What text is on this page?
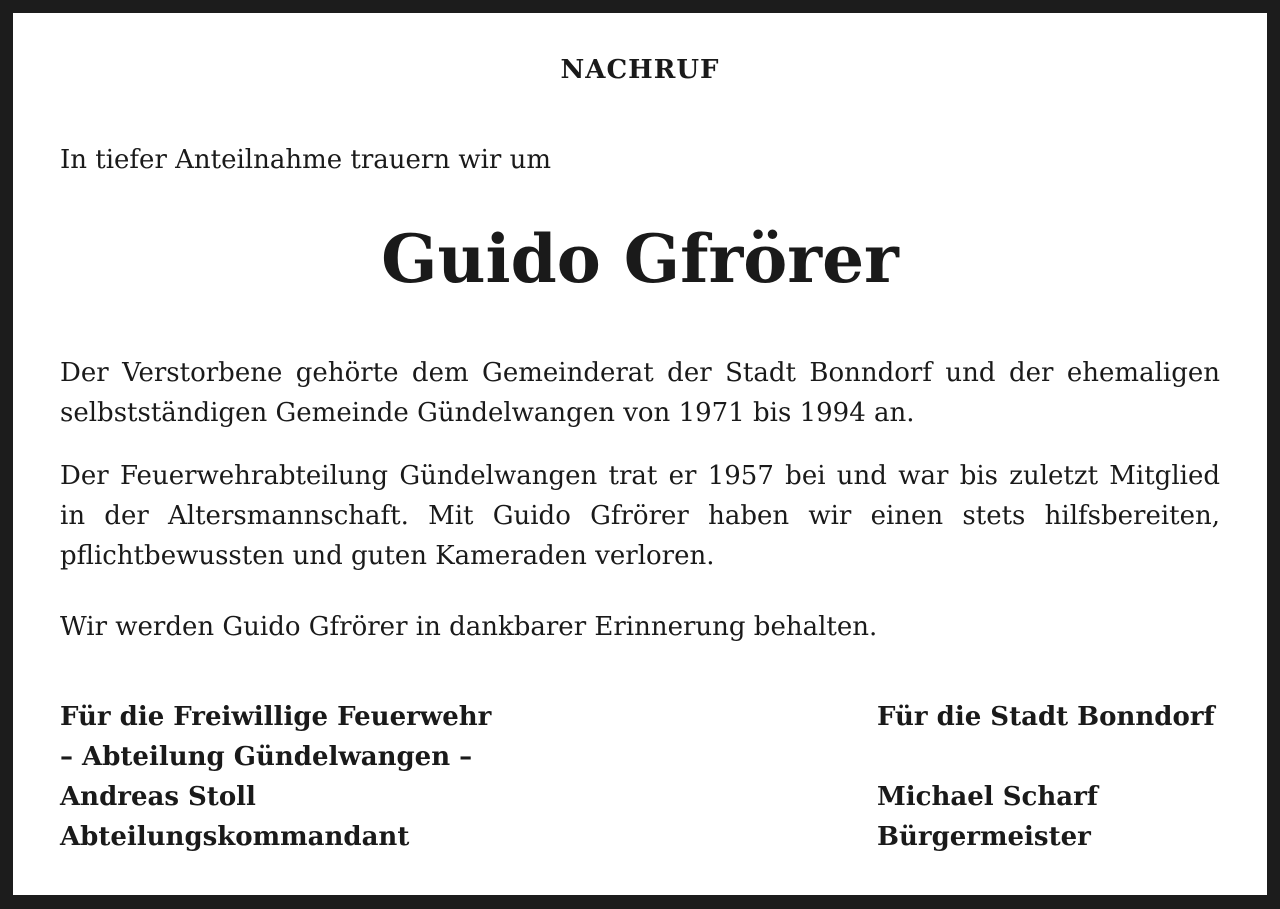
NACHRUF
In tiefer Anteilnahme trauern wir um
Guido Gfrörer
Der Verstorbene gehörte dem Gemeinderat der Stadt Bonndorf und der ehemaligen selbstständigen Gemeinde Gündelwangen von 1971 bis 1994 an.
Der Feuerwehrabteilung Gündelwangen trat er 1957 bei und war bis zuletzt Mitglied in der Altersmannschaft. Mit Guido Gfrörer haben wir einen stets hilfsbereiten, pflichtbewussten und guten Kameraden verloren.
Wir werden Guido Gfrörer in dankbarer Erinnerung behalten.
Für die Freiwillige Feuerwehr
– Abteilung Gündelwangen –
Andreas Stoll
Abteilungskommandant
Für die Stadt Bonndorf
Michael Scharf
Bürgermeister
